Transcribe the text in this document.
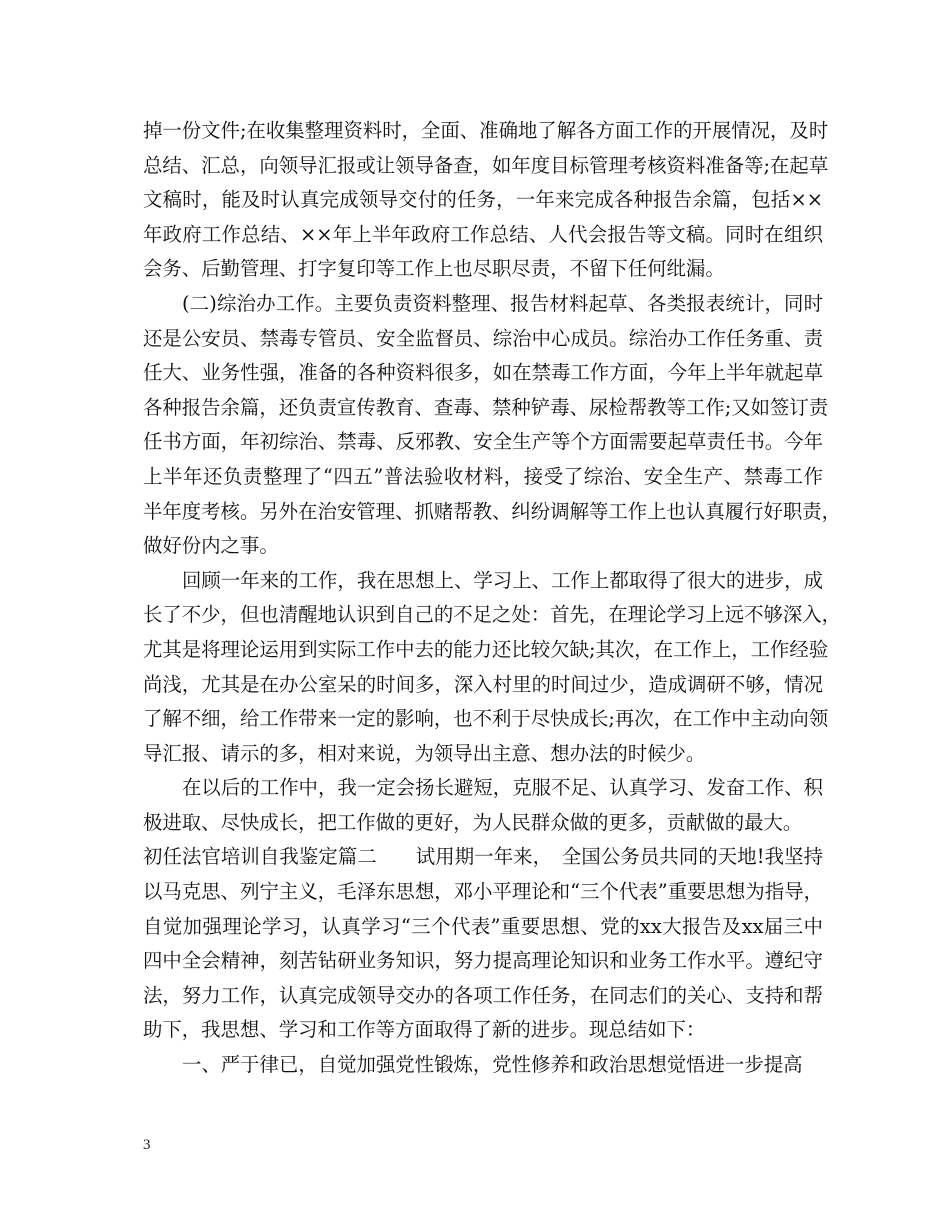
掉一份文件;在收集整理资料时，全面、准确地了解各方面工作的开展情况，及时
总结、汇总，向领导汇报或让领导备查，如年度目标管理考核资料准备等;在起草
文稿时，能及时认真完成领导交付的任务，一年来完成各种报告余篇，包括××
年政府工作总结、××年上半年政府工作总结、人代会报告等文稿。同时在组织
会务、后勤管理、打字复印等工作上也尽职尽责，不留下任何纰漏。
(二)综治办工作。主要负责资料整理、报告材料起草、各类报表统计，同时
还是公安员、禁毒专管员、安全监督员、综治中心成员。综治办工作任务重、责
任大、业务性强，准备的各种资料很多，如在禁毒工作方面，今年上半年就起草
各种报告余篇，还负责宣传教育、查毒、禁种铲毒、尿检帮教等工作;又如签订责
任书方面，年初综治、禁毒、反邪教、安全生产等个方面需要起草责任书。今年
上半年还负责整理了“四五”普法验收材料，接受了综治、安全生产、禁毒工作
半年度考核。另外在治安管理、抓赌帮教、纠纷调解等工作上也认真履行好职责，
做好份内之事。
回顾一年来的工作，我在思想上、学习上、工作上都取得了很大的进步，成
长了不少，但也清醒地认识到自己的不足之处：首先，在理论学习上远不够深入，
尤其是将理论运用到实际工作中去的能力还比较欠缺;其次，在工作上，工作经验
尚浅，尤其是在办公室呆的时间多，深入村里的时间过少，造成调研不够，情况
了解不细，给工作带来一定的影响，也不利于尽快成长;再次，在工作中主动向领
导汇报、请示的多，相对来说，为领导出主意、想办法的时候少。
在以后的工作中，我一定会扬长避短，克服不足、认真学习、发奋工作、积
极进取、尽快成长，把工作做的更好，为人民群众做的更多，贡献做的最大。
初任法官培训自我鉴定篇二　　试用期一年来，　全国公务员共同的天地!我坚持
以马克思、列宁主义，毛泽东思想，邓小平理论和“三个代表”重要思想为指导，
自觉加强理论学习，认真学习“三个代表”重要思想、党的xx大报告及xx届三中
四中全会精神，刻苦钻研业务知识，努力提高理论知识和业务工作水平。遵纪守
法，努力工作，认真完成领导交办的各项工作任务，在同志们的关心、支持和帮
助下，我思想、学习和工作等方面取得了新的进步。现总结如下：
一、严于律已，自觉加强党性锻炼，党性修养和政治思想觉悟进一步提高
3
